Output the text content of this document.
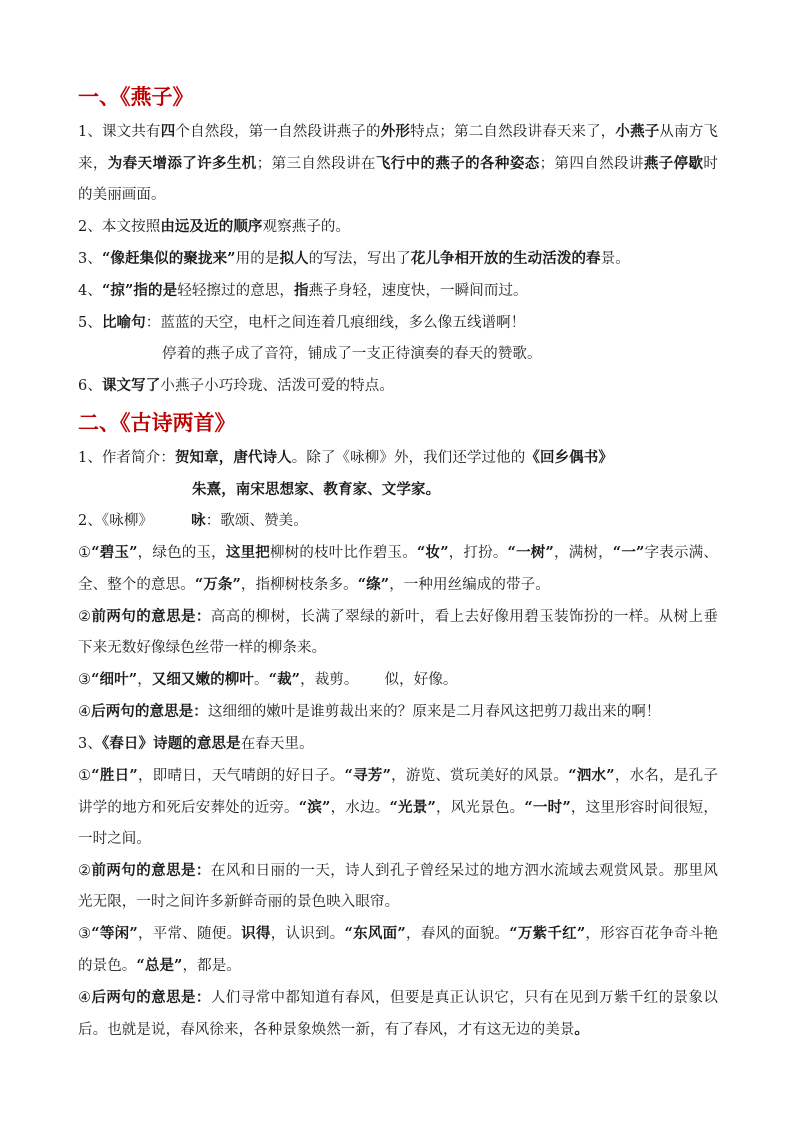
一、《燕子》

1、课文共有四个自然段，第一自然段讲燕子的外形特点；第二自然段讲春天来了，小燕子从南方飞来，为春天增添了许多生机；第三自然段讲在飞行中的燕子的各种姿态；第四自然段讲燕子停歇时的美丽画面。

2、本文按照由远及近的顺序观察燕子的。

3、“像赶集似的聚拢来”用的是拟人的写法，写出了花儿争相开放的生动活泼的春景。

4、“掠”指的是轻轻擦过的意思，指燕子身轻，速度快，一瞬间而过。

5、比喻句：蓝蓝的天空，电杆之间连着几痕细线，多么像五线谱啊！

停着的燕子成了音符，铺成了一支正待演奏的春天的赞歌。

6、课文写了小燕子小巧玲珑、活泼可爱的特点。

二、《古诗两首》

1、作者简介：贺知章，唐代诗人。除了《咏柳》外，我们还学过他的《回乡偶书》

朱熹，南宋思想家、教育家、文学家。

2、《咏柳》	咏：歌颂、赞美。

①“碧玉”，绿色的玉，这里把柳树的枝叶比作碧玉。“妆”，打扮。“一树”，满树，“一”字表示满、全、整个的意思。“万条”，指柳树枝条多。“绦”，一种用丝编成的带子。

②前两句的意思是：高高的柳树，长满了翠绿的新叶，看上去好像用碧玉装饰扮的一样。从树上垂下来无数好像绿色丝带一样的柳条来。

③“细叶”，又细又嫩的柳叶。“裁”，裁剪。 似，好像。

④后两句的意思是：这细细的嫩叶是谁剪裁出来的？原来是二月春风这把剪刀裁出来的啊！

3、《春日》诗题的意思是在春天里。

①“胜日”，即晴日，天气晴朗的好日子。“寻芳”，游览、赏玩美好的风景。“泗水”，水名，是孔子讲学的地方和死后安葬处的近旁。“滨”，水边。“光景”，风光景色。“一时”，这里形容时间很短，一时之间。

②前两句的意思是：在风和日丽的一天，诗人到孔子曾经呆过的地方泗水流域去观赏风景。那里风光无限，一时之间许多新鲜奇丽的景色映入眼帘。

③“等闲”，平常、随便。识得，认识到。“东风面”，春风的面貌。“万紫千红”，形容百花争奇斗艳的景色。“总是”，都是。

④后两句的意思是：人们寻常中都知道有春风，但要是真正认识它，只有在见到万紫千红的景象以后。也就是说，春风徐来，各种景象焕然一新，有了春风，才有这无边的美景。
